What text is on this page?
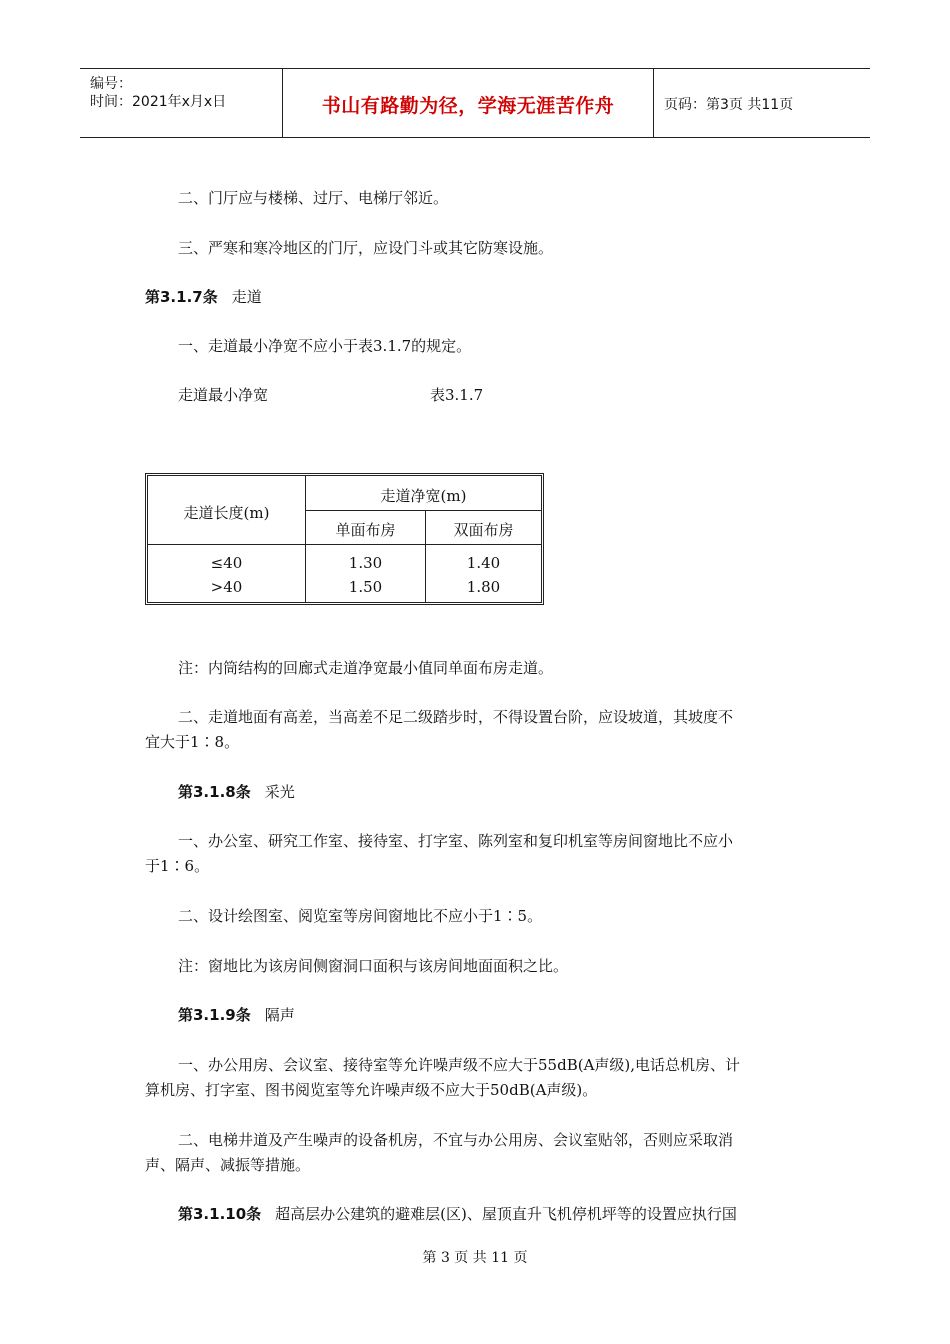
编号：
时间：2021年x月x日	书山有路勤为径，学海无涯苦作舟	页码：第3页 共11页
二、门厅应与楼梯、过厅、电梯厅邻近。
三、严寒和寒冷地区的门厅，应设门斗或其它防寒设施。
第3.1.7条 走道
一、走道最小净宽不应小于表3.1.7的规定。
走道最小净宽	表3.1.7
走道长度(m)
走道净宽(m)
单面布房	双面布房
≤40	1.30	1.40
>40	1.50	1.80
注：内筒结构的回廊式走道净宽最小值同单面布房走道。
二、走道地面有高差，当高差不足二级踏步时，不得设置台阶，应设坡道，其坡度不
宜大于1∶8。
第3.1.8条 采光
一、办公室、研究工作室、接待室、打字室、陈列室和复印机室等房间窗地比不应小
于1∶6。
二、设计绘图室、阅览室等房间窗地比不应小于1∶5。
注：窗地比为该房间侧窗洞口面积与该房间地面面积之比。
第3.1.9条 隔声
一、办公用房、会议室、接待室等允许噪声级不应大于55dB(A声级),电话总机房、计
算机房、打字室、图书阅览室等允许噪声级不应大于50dB(A声级)。
二、电梯井道及产生噪声的设备机房，不宜与办公用房、会议室贴邻，否则应采取消
声、隔声、减振等措施。
第3.1.10条 超高层办公建筑的避难层(区)、屋顶直升飞机停机坪等的设置应执行国
第 3 页 共 11 页
